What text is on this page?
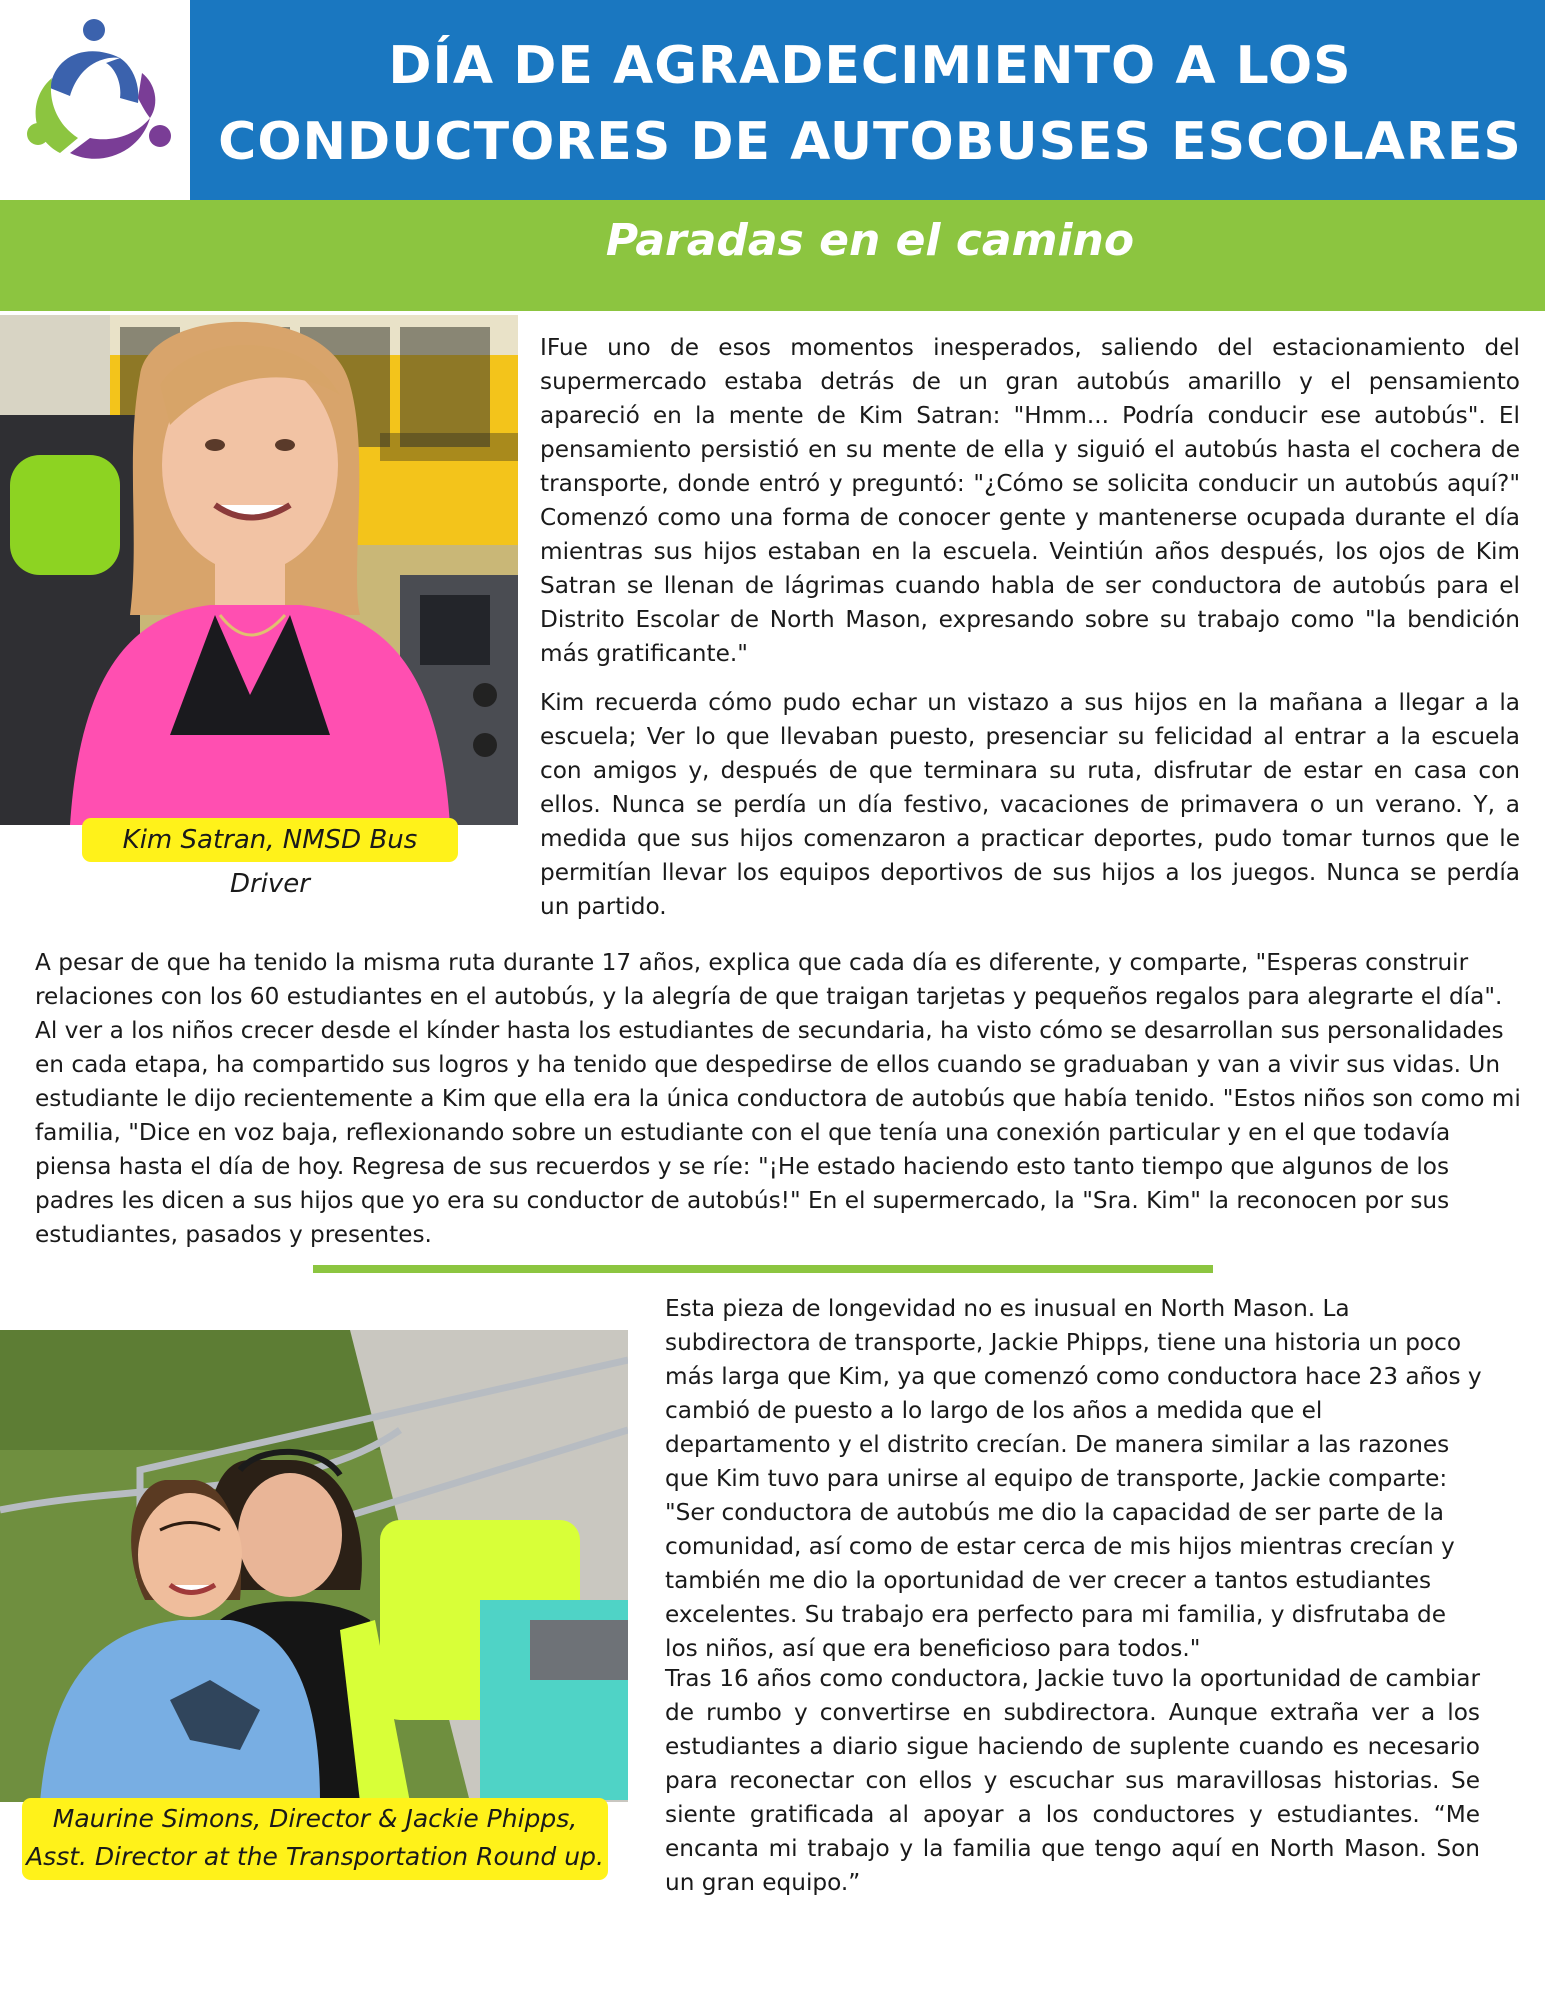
DÍA DE AGRADECIMIENTO A LOS CONDUCTORES DE AUTOBUSES ESCOLARES
Paradas en el camino
Kim Satran, NMSD Bus Driver

IFue uno de esos momentos inesperados, saliendo del estacionamiento del supermercado estaba detrás de un gran autobús amarillo y el pensamiento apareció en la mente de Kim Satran: "Hmm... Podría conducir ese autobús". El pensamiento persistió en su mente de ella y siguió el autobús hasta el cochera de transporte, donde entró y preguntó: "¿Cómo se solicita conducir un autobús aquí?" Comenzó como una forma de conocer gente y mantenerse ocupada durante el día mientras sus hijos estaban en la escuela. Veintiún años después, los ojos de Kim Satran se llenan de lágrimas cuando habla de ser conductora de autobús para el Distrito Escolar de North Mason, expresando sobre su trabajo como "la bendición más gratificante."

Kim recuerda cómo pudo echar un vistazo a sus hijos en la mañana a llegar a la escuela; Ver lo que llevaban puesto, presenciar su felicidad al entrar a la escuela con amigos y, después de que terminara su ruta, disfrutar de estar en casa con ellos. Nunca se perdía un día festivo, vacaciones de primavera o un verano. Y, a medida que sus hijos comenzaron a practicar deportes, pudo tomar turnos que le permitían llevar los equipos deportivos de sus hijos a los juegos. Nunca se perdía un partido.

A pesar de que ha tenido la misma ruta durante 17 años, explica que cada día es diferente, y comparte, "Esperas construir relaciones con los 60 estudiantes en el autobús, y la alegría de que traigan tarjetas y pequeños regalos para alegrarte el día". Al ver a los niños crecer desde el kínder hasta los estudiantes de secundaria, ha visto cómo se desarrollan sus personalidades en cada etapa, ha compartido sus logros y ha tenido que despedirse de ellos cuando se graduaban y van a vivir sus vidas. Un estudiante le dijo recientemente a Kim que ella era la única conductora de autobús que había tenido. "Estos niños son como mi familia, "Dice en voz baja, reflexionando sobre un estudiante con el que tenía una conexión particular y en el que todavía piensa hasta el día de hoy. Regresa de sus recuerdos y se ríe: "¡He estado haciendo esto tanto tiempo que algunos de los padres les dicen a sus hijos que yo era su conductor de autobús!" En el supermercado, la "Sra. Kim" la reconocen por sus estudiantes, pasados y presentes.

Maurine Simons, Director & Jackie Phipps, Asst. Director at the Transportation Round up.

Esta pieza de longevidad no es inusual en North Mason. La subdirectora de transporte, Jackie Phipps, tiene una historia un poco más larga que Kim, ya que comenzó como conductora hace 23 años y cambió de puesto a lo largo de los años a medida que el departamento y el distrito crecían. De manera similar a las razones que Kim tuvo para unirse al equipo de transporte, Jackie comparte: "Ser conductora de autobús me dio la capacidad de ser parte de la comunidad, así como de estar cerca de mis hijos mientras crecían y también me dio la oportunidad de ver crecer a tantos estudiantes excelentes. Su trabajo era perfecto para mi familia, y disfrutaba de los niños, así que era beneficioso para todos."

Tras 16 años como conductora, Jackie tuvo la oportunidad de cambiar de rumbo y convertirse en subdirectora. Aunque extraña ver a los estudiantes a diario sigue haciendo de suplente cuando es necesario para reconectar con ellos y escuchar sus maravillosas historias. Se siente gratificada al apoyar a los conductores y estudiantes. “Me encanta mi trabajo y la familia que tengo aquí en North Mason. Son un gran equipo.”
